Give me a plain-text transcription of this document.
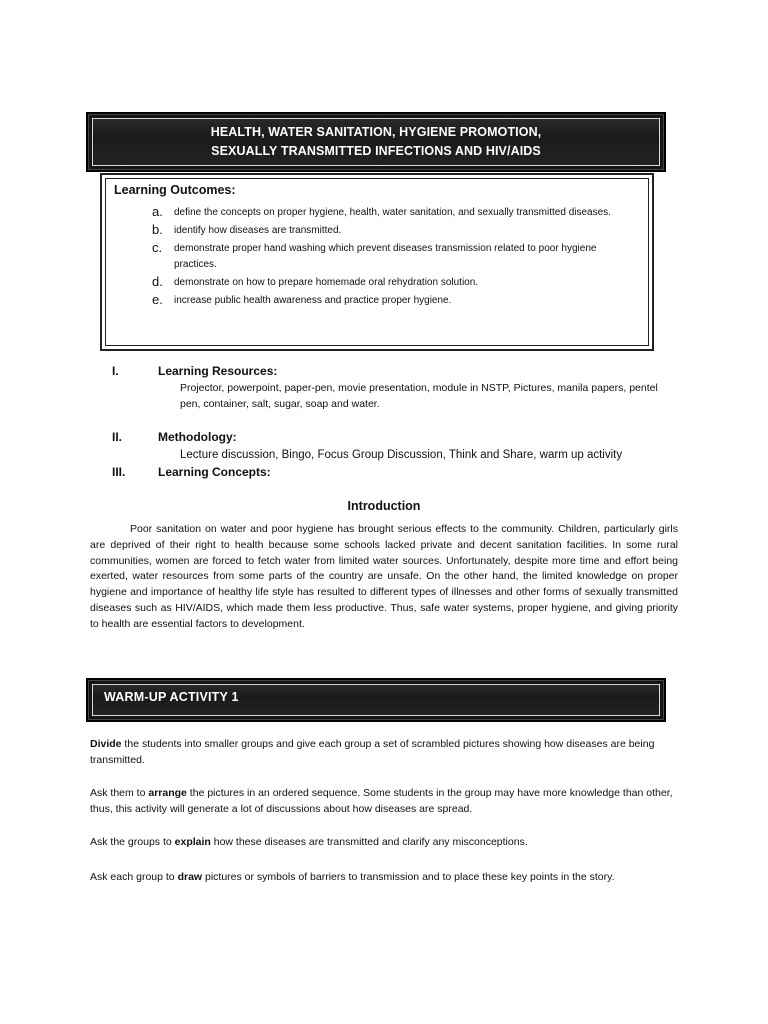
HEALTH, WATER SANITATION, HYGIENE PROMOTION,
SEXUALLY TRANSMITTED INFECTIONS AND HIV/AIDS
Learning Outcomes:
a. define the concepts on proper hygiene, health, water sanitation, and sexually transmitted diseases.
b. identify how diseases are transmitted.
c. demonstrate proper hand washing which prevent diseases transmission related to poor hygiene practices.
d. demonstrate on how to prepare homemade oral rehydration solution.
e. increase public health awareness and practice proper hygiene.
I.	Learning Resources:
Projector, powerpoint, paper-pen, movie presentation, module in NSTP, Pictures, manila papers, pentel pen, container, salt, sugar, soap and water.
II.	Methodology:
Lecture discussion, Bingo, Focus Group Discussion, Think and Share, warm up activity
III.	Learning Concepts:
Introduction
Poor sanitation on water and poor hygiene has brought serious effects to the community. Children, particularly girls are deprived of their right to health because some schools lacked private and decent sanitation facilities. In some rural communities, women are forced to fetch water from limited water sources. Unfortunately, despite more time and effort being exerted, water resources from some parts of the country are unsafe. On the other hand, the limited knowledge on proper hygiene and importance of healthy life style has resulted to different types of illnesses and other forms of sexually transmitted diseases such as HIV/AIDS, which made them less productive. Thus, safe water systems, proper hygiene, and giving priority to health are essential factors to development.
WARM-UP ACTIVITY 1
Divide the students into smaller groups and give each group a set of scrambled pictures showing how diseases are being transmitted.
Ask them to arrange the pictures in an ordered sequence. Some students in the group may have more knowledge than other, thus, this activity will generate a lot of discussions about how diseases are spread.
Ask the groups to explain how these diseases are transmitted and clarify any misconceptions.
Ask each group to draw pictures or symbols of barriers to transmission and to place these key points in the story.
